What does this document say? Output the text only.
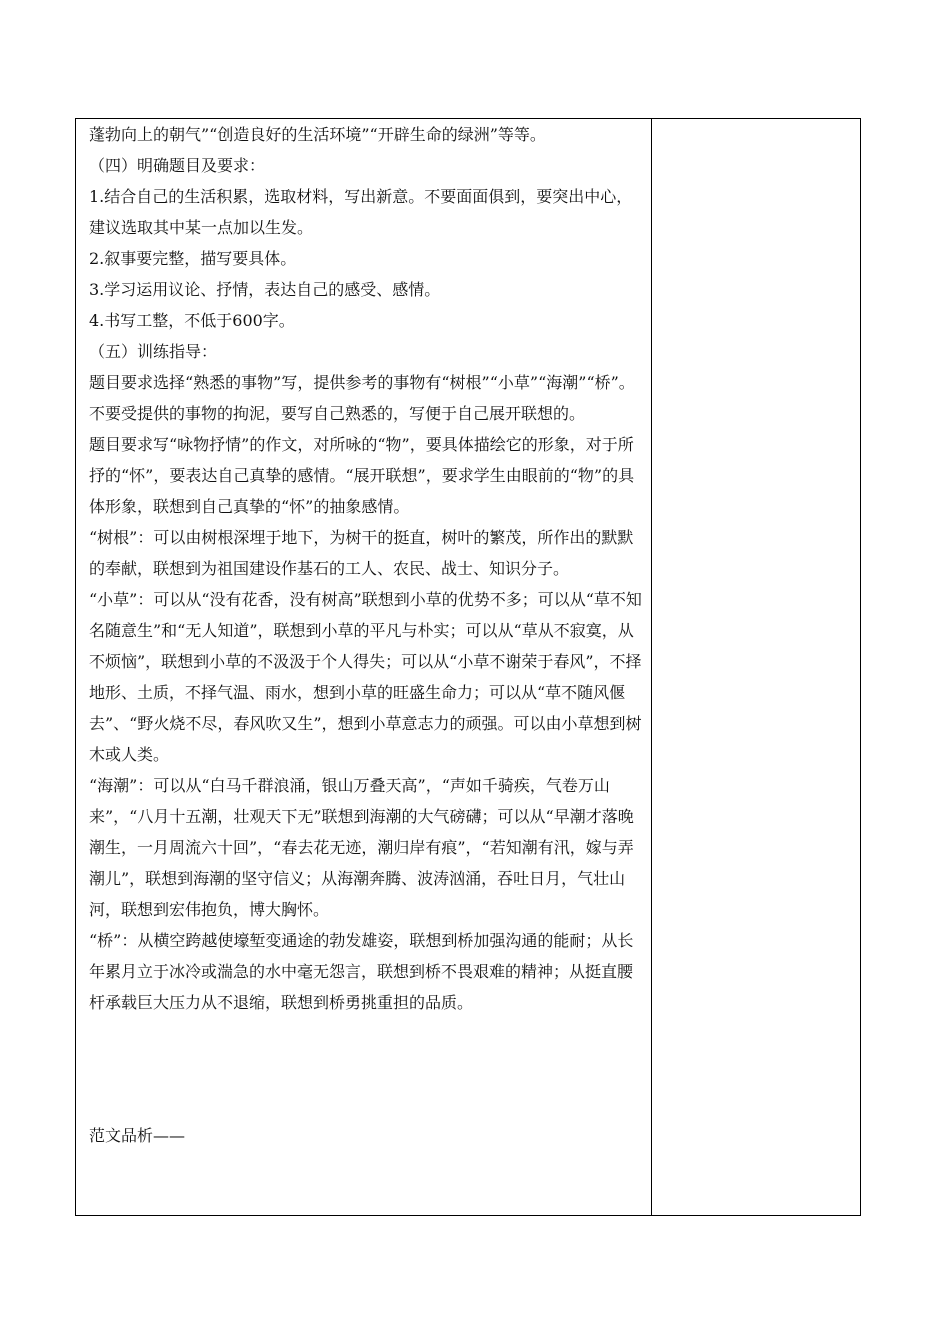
蓬勃向上的朝气”“创造良好的生活环境”“开辟生命的绿洲”等等。

（四）明确题目及要求：

1.结合自己的生活积累，选取材料，写出新意。不要面面俱到，要突出中心，建议选取其中某一点加以生发。

2.叙事要完整，描写要具体。

3.学习运用议论、抒情，表达自己的感受、感情。

4.书写工整，不低于600字。

（五）训练指导：

题目要求选择“熟悉的事物”写，提供参考的事物有“树根”“小草”“海潮”“桥”。不要受提供的事物的拘泥，要写自己熟悉的，写便于自己展开联想的。

题目要求写“咏物抒情”的作文，对所咏的“物”，要具体描绘它的形象，对于所抒的“怀”，要表达自己真挚的感情。“展开联想”，要求学生由眼前的“物”的具体形象，联想到自己真挚的“怀”的抽象感情。

“树根”：可以由树根深埋于地下，为树干的挺直，树叶的繁茂，所作出的默默的奉献，联想到为祖国建设作基石的工人、农民、战士、知识分子。

“小草”：可以从“没有花香，没有树高”联想到小草的优势不多；可以从“草不知名随意生”和“无人知道”，联想到小草的平凡与朴实；可以从“草从不寂寞，从不烦恼”，联想到小草的不汲汲于个人得失；可以从“小草不谢荣于春风”，不择地形、土质，不择气温、雨水，想到小草的旺盛生命力；可以从“草不随风偃去”、“野火烧不尽，春风吹又生”，想到小草意志力的顽强。可以由小草想到树木或人类。

“海潮”：可以从“白马千群浪涌，银山万叠天高”，“声如千骑疾，气卷万山来”，“八月十五潮，壮观天下无”联想到海潮的大气磅礴；可以从“早潮才落晚潮生，一月周流六十回”，“春去花无迹，潮归岸有痕”，“若知潮有汛，嫁与弄潮儿”，联想到海潮的坚守信义；从海潮奔腾、波涛汹涌，吞吐日月，气壮山河，联想到宏伟抱负，博大胸怀。

“桥”：从横空跨越使壕堑变通途的勃发雄姿，联想到桥加强沟通的能耐；从长年累月立于冰冷或湍急的水中毫无怨言，联想到桥不畏艰难的精神；从挺直腰杆承载巨大压力从不退缩，联想到桥勇挑重担的品质。

范文品析——
